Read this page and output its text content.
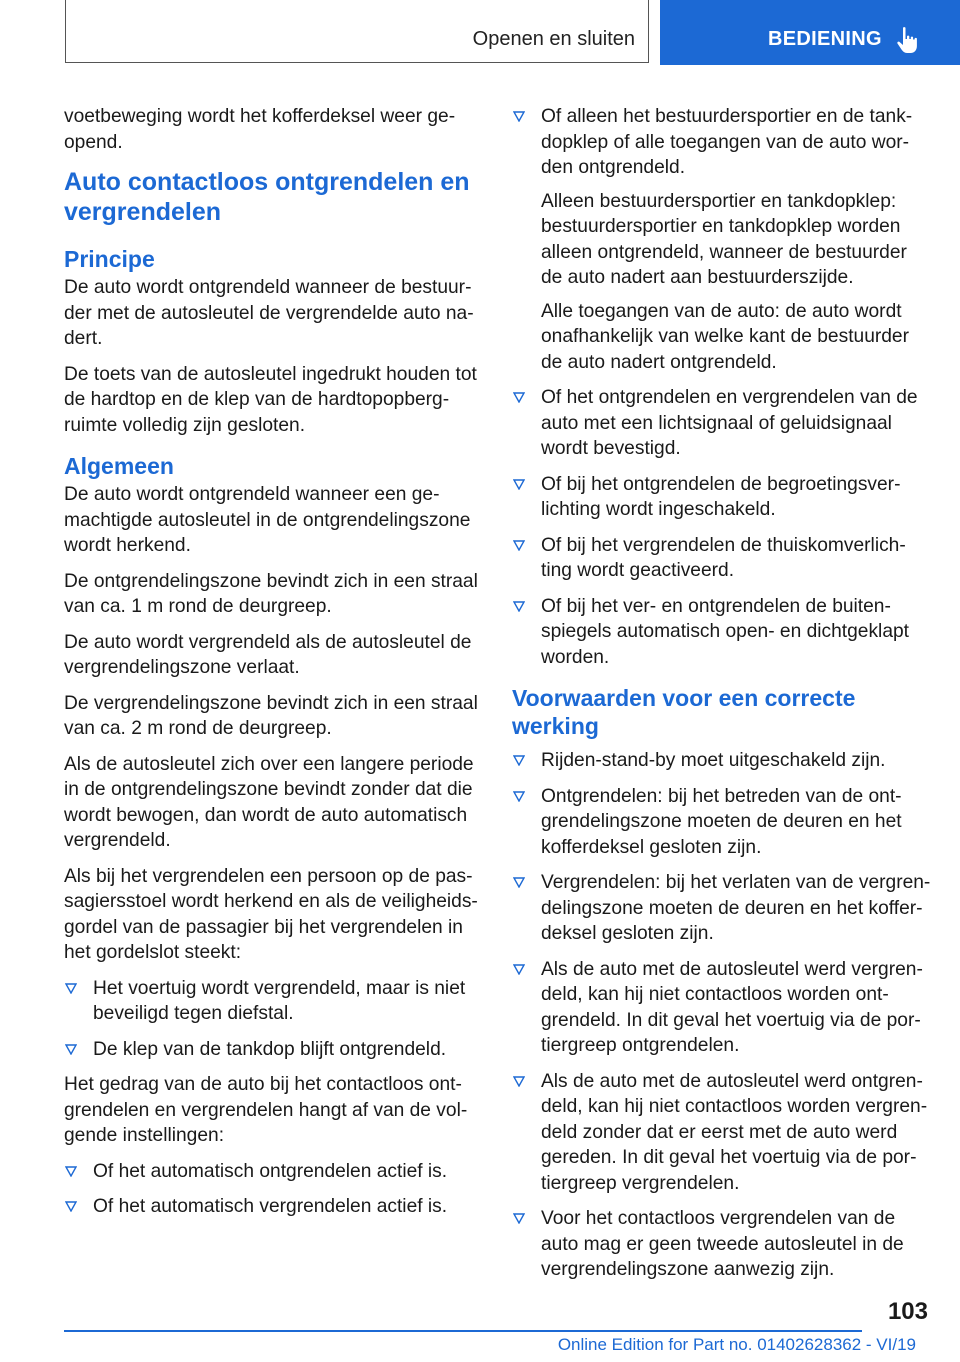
Openen en sluiten	BEDIENING

voetbeweging wordt het kofferdeksel weer ge‐opend.

Auto contactloos ontgrendelen en vergrendelen
Principe

De auto wordt ontgrendeld wanneer de bestuur‐der met de autosleutel de vergrendelde auto na‐dert.

De toets van de autosleutel ingedrukt houden tot de hardtop en de klep van de hardtopopberg‐ruimte volledig zijn gesloten.

Algemeen

De auto wordt ontgrendeld wanneer een ge‐machtigde autosleutel in de ontgrendelingszone wordt herkend.

De ontgrendelingszone bevindt zich in een straal van ca. 1 m rond de deurgreep.

De auto wordt vergrendeld als de autosleutel de vergrendelingszone verlaat.

De vergrendelingszone bevindt zich in een straal van ca. 2 m rond de deurgreep.

Als de autosleutel zich over een langere periode in de ontgrendelingszone bevindt zonder dat die wordt bewogen, dan wordt de auto automatisch vergrendeld.

Als bij het vergrendelen een persoon op de pas‐sagiersstoel wordt herkend en als de veiligheids‐gordel van de passagier bij het vergrendelen in het gordelslot steekt:

Het voertuig wordt vergrendeld, maar is niet beveiligd tegen diefstal.
De klep van de tankdop blijft ontgrendeld.

Het gedrag van de auto bij het contactloos ont‐grendelen en vergrendelen hangt af van de vol‐gende instellingen:

Of het automatisch ontgrendelen actief is.
Of het automatisch vergrendelen actief is.
Of alleen het bestuurdersportier en de tank‐dopklep of alle toegangen van de auto wor‐den ontgrendeld.

Alleen bestuurdersportier en tankdopklep: bestuurdersportier en tankdopklep worden alleen ontgrendeld, wanneer de bestuurder de auto nadert aan bestuurderszijde.

Alle toegangen van de auto: de auto wordt onafhankelijk van welke kant de bestuurder de auto nadert ontgrendeld.

Of het ontgrendelen en vergrendelen van de auto met een lichtsignaal of geluidsignaal wordt bevestigd.
Of bij het ontgrendelen de begroetingsver‐lichting wordt ingeschakeld.
Of bij het vergrendelen de thuiskomverlich‐ting wordt geactiveerd.
Of bij het ver- en ontgrendelen de buiten‐spiegels automatisch open- en dichtgeklapt worden.
Voorwaarden voor een correcte werking
Rijden-stand-by moet uitgeschakeld zijn.
Ontgrendelen: bij het betreden van de ont‐grendelingszone moeten de deuren en het kofferdeksel gesloten zijn.
Vergrendelen: bij het verlaten van de vergren‐delingszone moeten de deuren en het koffer‐deksel gesloten zijn.
Als de auto met de autosleutel werd vergren‐deld, kan hij niet contactloos worden ont‐grendeld. In dit geval het voertuig via de por‐tiergreep ontgrendelen.
Als de auto met de autosleutel werd ontgren‐deld, kan hij niet contactloos worden vergren‐deld zonder dat er eerst met de auto werd gereden. In dit geval het voertuig via de por‐tiergreep vergrendelen.
Voor het contactloos vergrendelen van de auto mag er geen tweede autosleutel in de vergrendelingszone aanwezig zijn.
103
Online Edition for Part no. 01402628362 - VI/19
